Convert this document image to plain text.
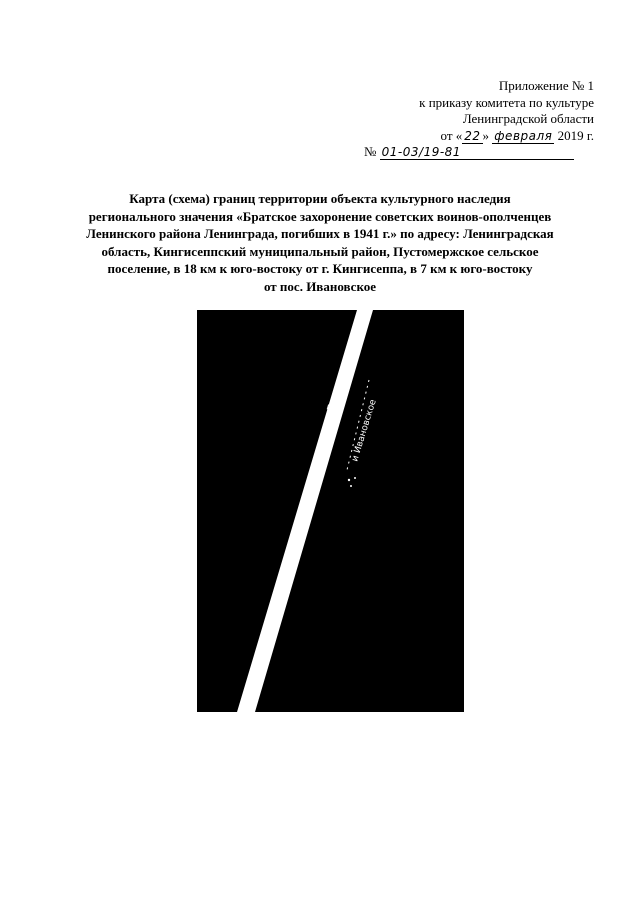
Приложение № 1
к приказу комитета по культуре
Ленинградской области
от « 22 » февраля 2019 г.
№ 01-03/19-81
Карта (схема) границ территории объекта культурного наследия
регионального значения «Братское захоронение советских воинов-ополченцев
Ленинского района Ленинграда, погибших в 1941 г.» по адресу: Ленинградская
область, Кингисеппский муниципальный район, Пустомержское сельское
поселение, в 18 км к юго-востоку от г. Кингисеппа, в 7 км к юго-востоку
от пос. Ивановское
дорога на Поречье и Ивановское
